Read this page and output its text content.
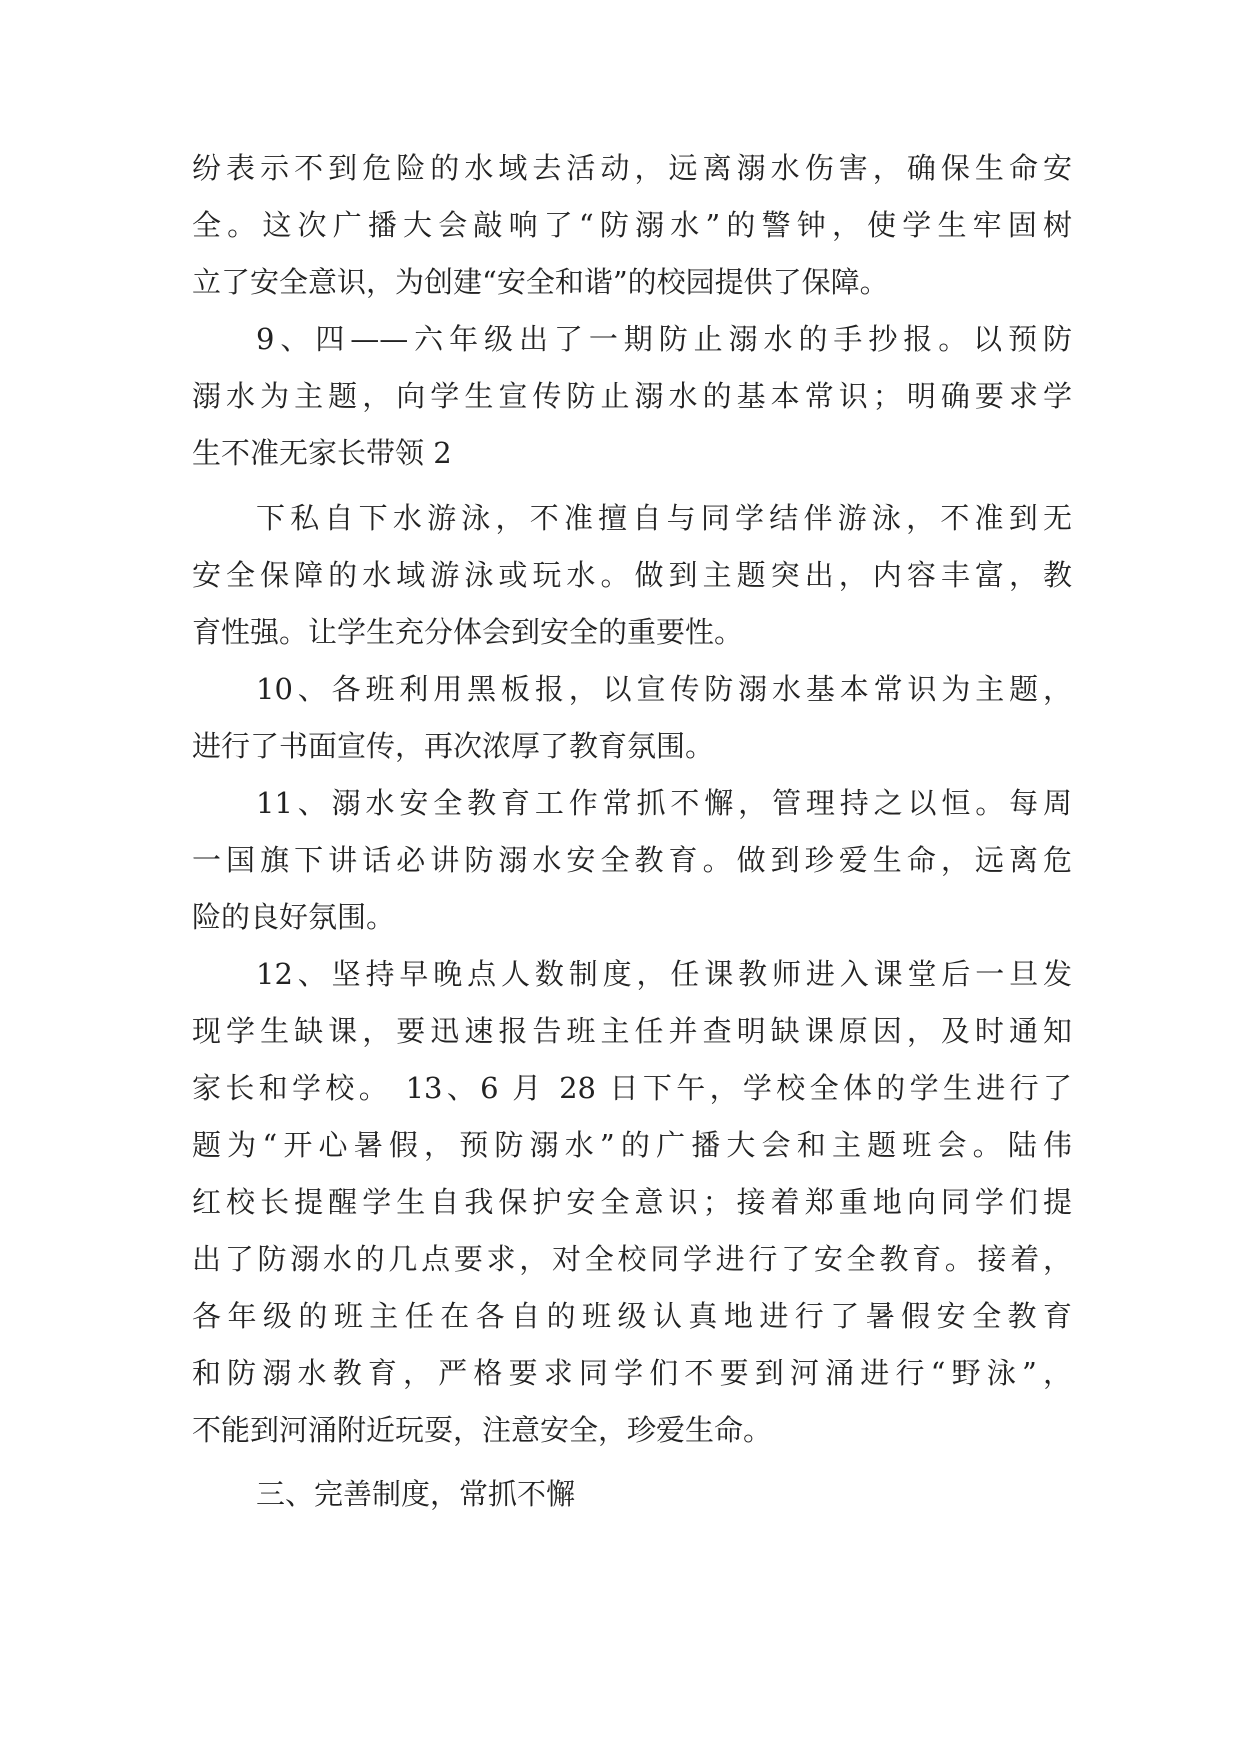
纷表示不到危险的水域去活动，远离溺水伤害，确保生命安
全。这次广播大会敲响了“防溺水”的警钟，使学生牢固树
立了安全意识，为创建“安全和谐”的校园提供了保障。
9、四——六年级出了一期防止溺水的手抄报。以预防
溺水为主题，向学生宣传防止溺水的基本常识；明确要求学
生不准无家长带领 2
下私自下水游泳，不准擅自与同学结伴游泳，不准到无
安全保障的水域游泳或玩水。做到主题突出，内容丰富，教
育性强。让学生充分体会到安全的重要性。
10、各班利用黑板报，以宣传防溺水基本常识为主题，
进行了书面宣传，再次浓厚了教育氛围。
11、溺水安全教育工作常抓不懈，管理持之以恒。每周
一国旗下讲话必讲防溺水安全教育。做到珍爱生命，远离危
险的良好氛围。
12、坚持早晚点人数制度，任课教师进入课堂后一旦发
现学生缺课，要迅速报告班主任并查明缺课原因，及时通知
家长和学校。 13、6 月 28 日下午，学校全体的学生进行了
题为“开心暑假，预防溺水”的广播大会和主题班会。陆伟
红校长提醒学生自我保护安全意识；接着郑重地向同学们提
出了防溺水的几点要求，对全校同学进行了安全教育。接着，
各年级的班主任在各自的班级认真地进行了暑假安全教育
和防溺水教育，严格要求同学们不要到河涌进行“野泳”，
不能到河涌附近玩耍，注意安全，珍爱生命。
三、完善制度，常抓不懈
